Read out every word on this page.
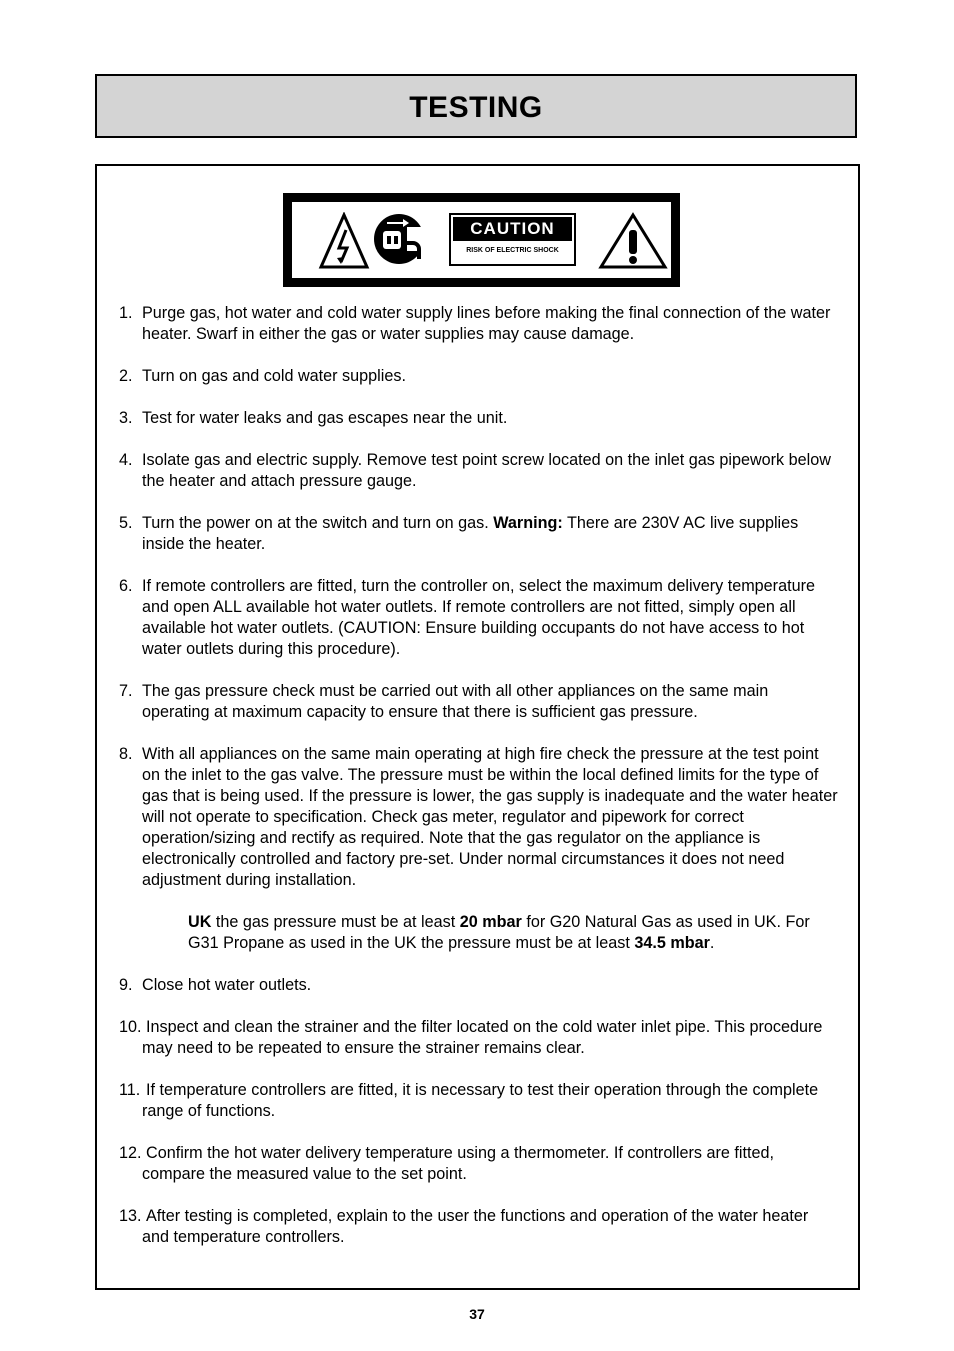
TESTING
CAUTION
RISK OF ELECTRIC SHOCK
1. Purge gas, hot water and cold water supply lines before making the final connection of the water heater. Swarf in either the gas or water supplies may cause damage.
2. Turn on gas and cold water supplies.
3. Test for water leaks and gas escapes near the unit.
4. Isolate gas and electric supply. Remove test point screw located on the inlet gas pipework below the heater and attach pressure gauge.
5. Turn the power on at the switch and turn on gas. Warning: There are 230V AC live supplies inside the heater.
6. If remote controllers are fitted, turn the controller on, select the maximum delivery temperature and open ALL available hot water outlets. If remote controllers are not fitted, simply open all available hot water outlets. (CAUTION: Ensure building occupants do not have access to hot water outlets during this procedure).
7. The gas pressure check must be carried out with all other appliances on the same main operating at maximum capacity to ensure that there is sufficient gas pressure.
8. With all appliances on the same main operating at high fire check the pressure at the test point on the inlet to the gas valve. The pressure must be within the local defined limits for the type of gas that is being used. If the pressure is lower, the gas supply is inadequate and the water heater will not operate to specification. Check gas meter, regulator and pipework for correct operation/sizing and rectify as required. Note that the gas regulator on the appliance is electronically controlled and factory pre-set. Under normal circumstances it does not need adjustment during installation.
UK the gas pressure must be at least 20 mbar for G20 Natural Gas as used in UK. For G31 Propane as used in the UK the pressure must be at least 34.5 mbar.
9. Close hot water outlets.
10. Inspect and clean the strainer and the filter located on the cold water inlet pipe. This procedure may need to be repeated to ensure the strainer remains clear.
11. If temperature controllers are fitted, it is necessary to test their operation through the complete range of functions.
12. Confirm the hot water delivery temperature using a thermometer. If controllers are fitted, compare the measured value to the set point.
13. After testing is completed, explain to the user the functions and operation of the water heater and temperature controllers.
37
